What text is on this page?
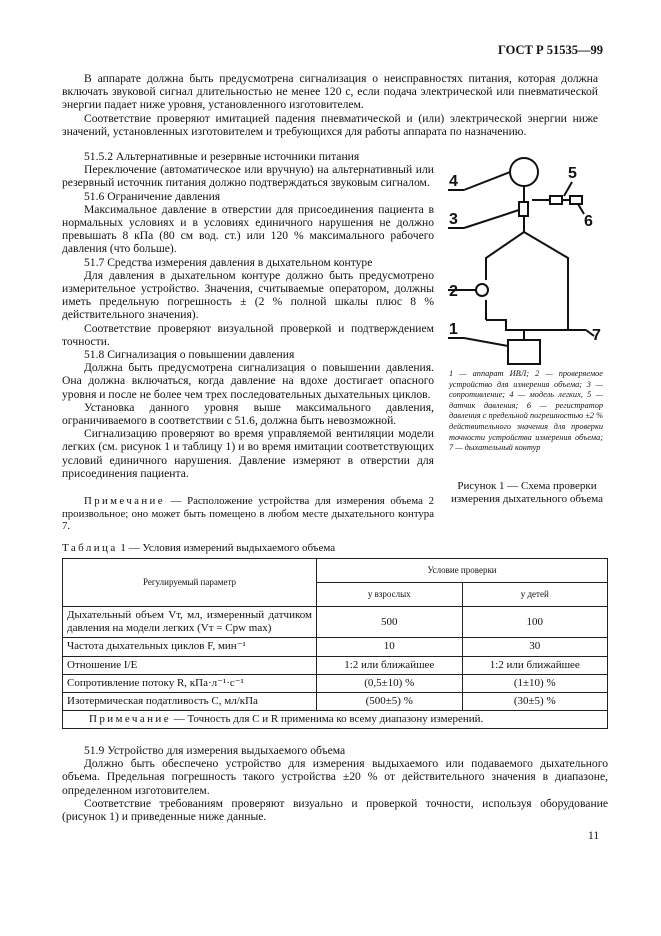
ГОСТ Р 51535—99

В аппарате должна быть предусмотрена сигнализация о неисправностях питания, которая должна включать звуковой сигнал длительностью не менее 120 с, если подача электрической или пневматической энергии падает ниже уровня, установленного изготовителем.

Соответствие проверяют имитацией падения пневматической и (или) электрической энергии ниже значений, установленных изготовителем и требующихся для работы аппарата по назначению.

51.5.2 Альтернативные и резервные источники питания

Переключение (автоматическое или вручную) на альтернативный или резервный источник питания должно подтверждаться звуковым сигналом.

51.6 Ограничение давления

Максимальное давление в отверстии для присоединения пациента в нормальных условиях и в условиях единичного нарушения не должно превышать 8 кПа (80 см вод. ст.) или 120 % максимального рабочего давления (что больше).

51.7 Средства измерения давления в дыхательном контуре

Для давления в дыхательном контуре должно быть предусмотрено измерительное устройство. Значения, считываемые оператором, должны иметь предельную погрешность ± (2 % полной шкалы плюс 8 % действительного значения).

Соответствие проверяют визуальной проверкой и подтверждением точности.

51.8 Сигнализация о повышении давления

Должна быть предусмотрена сигнализация о повышении давления. Она должна включаться, когда давление на вдохе достигает опасного уровня и после не более чем трех последовательных дыхательных циклов.

Установка данного уровня выше максимального давления, ограничиваемого в соответствии с 51.6, должна быть невозможной.

Сигнализацию проверяют во время управляемой вентиляции модели легких (см. рисунок 1 и таблицу 1) и во время имитации соответствующих условий единичного нарушения. Давление измеряют в отверстии для присоединения пациента.

Примечание — Расположение устройства для измерения объема 2 произвольное; оно может быть помещено в любом месте дыхательного контура 7.

4
3
5
6
2
1	7

1 — аппарат ИВЛ; 2 — проверяемое устройство для измерения объема; 3 — сопротивление; 4 — модель легких, 5 — датчик давления; 6 — регистратор давления с предельной погрешностью ±2 % действительного значения для проверки точности устройства измерения объема; 7 — дыхательный контур

Рисунок 1 — Схема проверки измерения дыхательного объема

Таблица 1 — Условия измерений выдыхаемого объема

Регулируемый параметр	Условие проверки	
	у взрослых	у детей
Дыхательный объем Vт, мл, измеренный датчиком давления на модели легких (Vт = Cpw max)	500	100
Частота дыхательных циклов F, мин⁻¹	10	30
Отношение I/E	1:2 или ближайшее	1:2 или ближайшее
Сопротивление потоку R, кПа·л⁻¹·с⁻¹	(0,5±10) %	(1±10) %
Изотермическая податливость C, мл/кПа	(500±5) %	(30±5) %
Примечание — Точность для C и R применима ко всему диапазону измерений.		

51.9 Устройство для измерения выдыхаемого объема

Должно быть обеспечено устройство для измерения выдыхаемого или подаваемого дыхательного объема. Предельная погрешность такого устройства ±20 % от действительного значения в диапазоне, определенном изготовителем.

Соответствие требованиям проверяют визуально и проверкой точности, используя оборудование (рисунок 1) и приведенные ниже данные.

11
